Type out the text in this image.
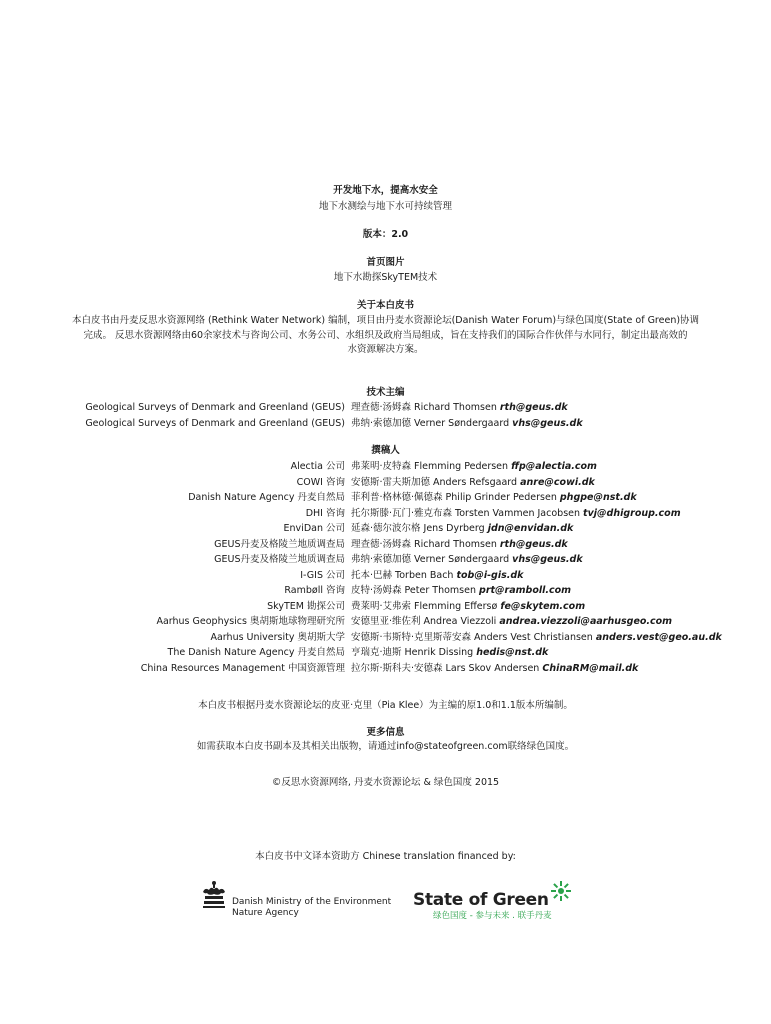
开发地下水，提高水安全
地下水测绘与地下水可持续管理
版本：2.0
首页图片
地下水勘探SkyTEM技术
关于本白皮书
本白皮书由丹麦反思水资源网络 (Rethink Water Network) 编制，项目由丹麦水资源论坛(Danish Water Forum)与绿色国度(State of Green)协调
完成。 反思水资源网络由60余家技术与咨询公司、水务公司、水组织及政府当局组成，旨在支持我们的国际合作伙伴与水同行，制定出最高效的
水资源解决方案。
技术主编
Geological Surveys of Denmark and Greenland (GEUS) 理查德·汤姆森 Richard Thomsen rth@geus.dk
Geological Surveys of Denmark and Greenland (GEUS) 弗纳·索德加德 Verner Søndergaard vhs@geus.dk
撰稿人
Alectia 公司 弗莱明·皮特森 Flemming Pedersen ffp@alectia.com
COWI 咨询 安德斯·雷夫斯加德 Anders Refsgaard anre@cowi.dk
Danish Nature Agency 丹麦自然局 菲利普·格林德·佩德森 Philip Grinder Pedersen phgpe@nst.dk
DHI 咨询 托尔斯滕·瓦门·雅克布森 Torsten Vammen Jacobsen tvj@dhigroup.com
EnviDan 公司 延森·德尔波尔格 Jens Dyrberg jdn@envidan.dk
GEUS丹麦及格陵兰地质调查局 理查德·汤姆森 Richard Thomsen rth@geus.dk
GEUS丹麦及格陵兰地质调查局 弗纳·索德加德 Verner Søndergaard vhs@geus.dk
I-GIS 公司 托本·巴赫 Torben Bach tob@i-gis.dk
Rambøll 咨询 皮特·汤姆森 Peter Thomsen prt@ramboll.com
SkyTEM 勘探公司 费莱明·艾弗索 Flemming Effersø fe@skytem.com
Aarhus Geophysics 奥胡斯地球物理研究所 安德里亚·维佐利 Andrea Viezzoli andrea.viezzoli@aarhusgeo.com
Aarhus University 奥胡斯大学 安德斯·韦斯特·克里斯蒂安森 Anders Vest Christiansen anders.vest@geo.au.dk
The Danish Nature Agency 丹麦自然局 亨瑞克·迪斯 Henrik Dissing hedis@nst.dk
China Resources Management 中国资源管理 拉尔斯·斯科夫·安德森 Lars Skov Andersen ChinaRM@mail.dk
本白皮书根据丹麦水资源论坛的皮亚·克里（Pia Klee）为主编的原1.0和1.1版本所编制。
更多信息
如需获取本白皮书副本及其相关出版物，请通过info@stateofgreen.com联络绿色国度。
©反思水资源网络, 丹麦水资源论坛 & 绿色国度 2015
本白皮书中文译本资助方 Chinese translation financed by:
Danish Ministry of the Environment
Nature Agency
State of Green
绿色国度 - 参与未来 . 联手丹麦
